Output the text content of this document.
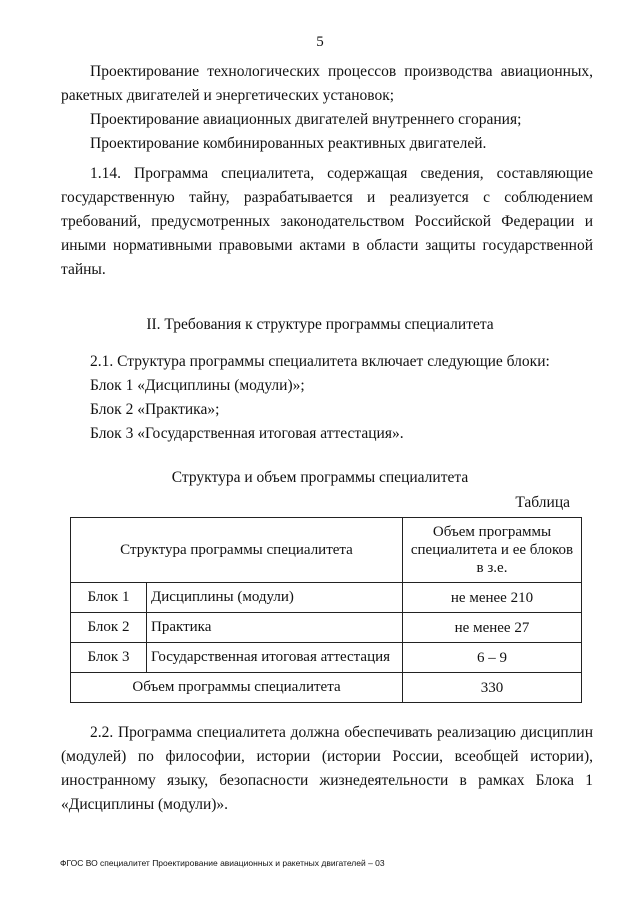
5

Проектирование технологических процессов производства авиационных, ракетных двигателей и энергетических установок;

Проектирование авиационных двигателей внутреннего сгорания;

Проектирование комбинированных реактивных двигателей.

1.14. Программа специалитета, содержащая сведения, составляющие государственную тайну, разрабатывается и реализуется с соблюдением требований, предусмотренных законодательством Российской Федерации и иными нормативными правовыми актами в области защиты государственной тайны.

II. Требования к структуре программы специалитета

2.1. Структура программы специалитета включает следующие блоки:

Блок 1 «Дисциплины (модули)»;

Блок 2 «Практика»;

Блок 3 «Государственная итоговая аттестация».

Структура и объем программы специалитета
Таблица
Структура программы специалитета		Объем программы специалитета и ее блоков в з.е.
Блок 1	Дисциплины (модули)	не менее 210
Блок 2	Практика	не менее 27
Блок 3	Государственная итоговая аттестация	6 – 9
Объем программы специалитета		330

2.2. Программа специалитета должна обеспечивать реализацию дисциплин (модулей) по философии, истории (истории России, всеобщей истории), иностранному языку, безопасности жизнедеятельности в рамках Блока 1 «Дисциплины (модули)».

ФГОС ВО специалитет Проектирование авиационных и ракетных двигателей – 03
